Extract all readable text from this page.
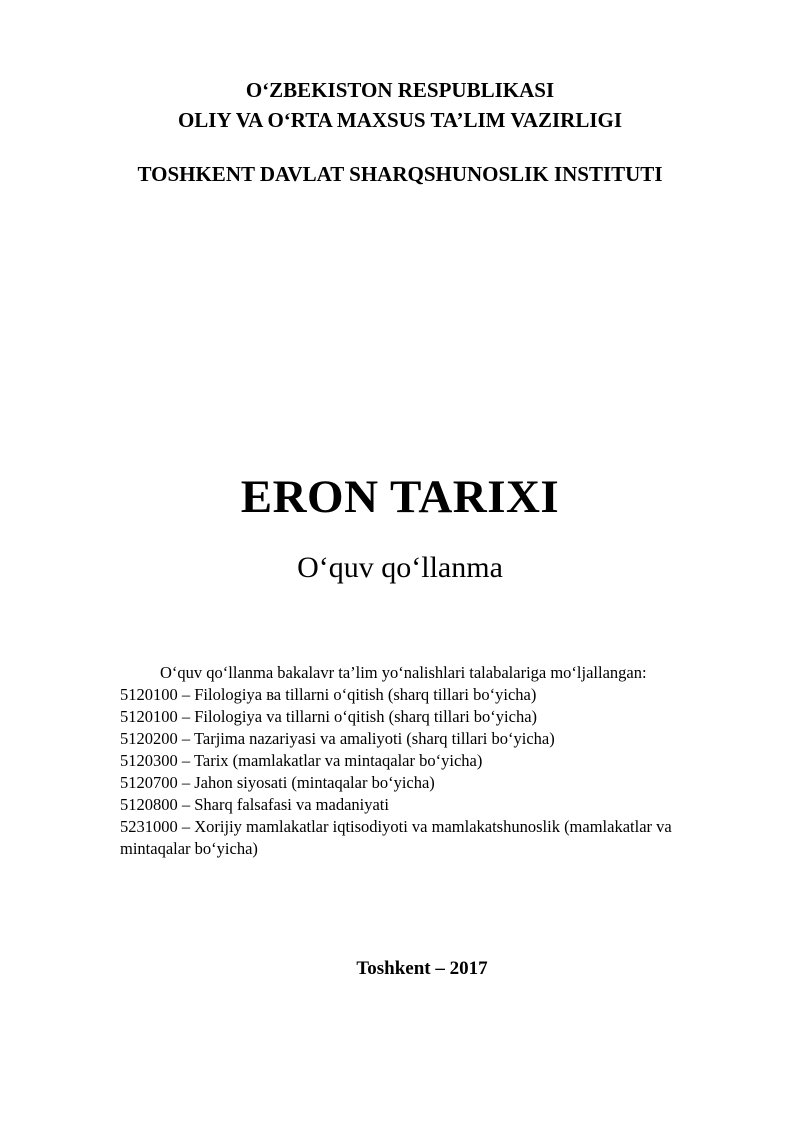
O‘ZBEKISTON RESPUBLIKASI
OLIY VA O‘RTA MAXSUS TA’LIM VAZIRLIGI
TOSHKENT DAVLAT SHARQSHUNOSLIK INSTITUTI
ERON TARIXI
O‘quv qo‘llanma
O‘quv qo‘llanma bakalavr ta’lim yo‘nalishlari talabalariga mo‘ljallangan:
5120100 – Filologiya ва tillarni o‘qitish (sharq tillari bo‘yicha)
5120100 – Filologiya va tillarni o‘qitish (sharq tillari bo‘yicha)
5120200 – Tarjima nazariyasi va amaliyoti (sharq tillari bo‘yicha)
5120300 – Tarix (mamlakatlar va mintaqalar bo‘yicha)
5120700 – Jahon siyosati (mintaqalar bo‘yicha)
5120800 – Sharq falsafasi va madaniyati
5231000 – Xorijiy mamlakatlar iqtisodiyoti va mamlakatshunoslik (mamlakatlar va mintaqalar bo‘yicha)
Toshkent – 2017
